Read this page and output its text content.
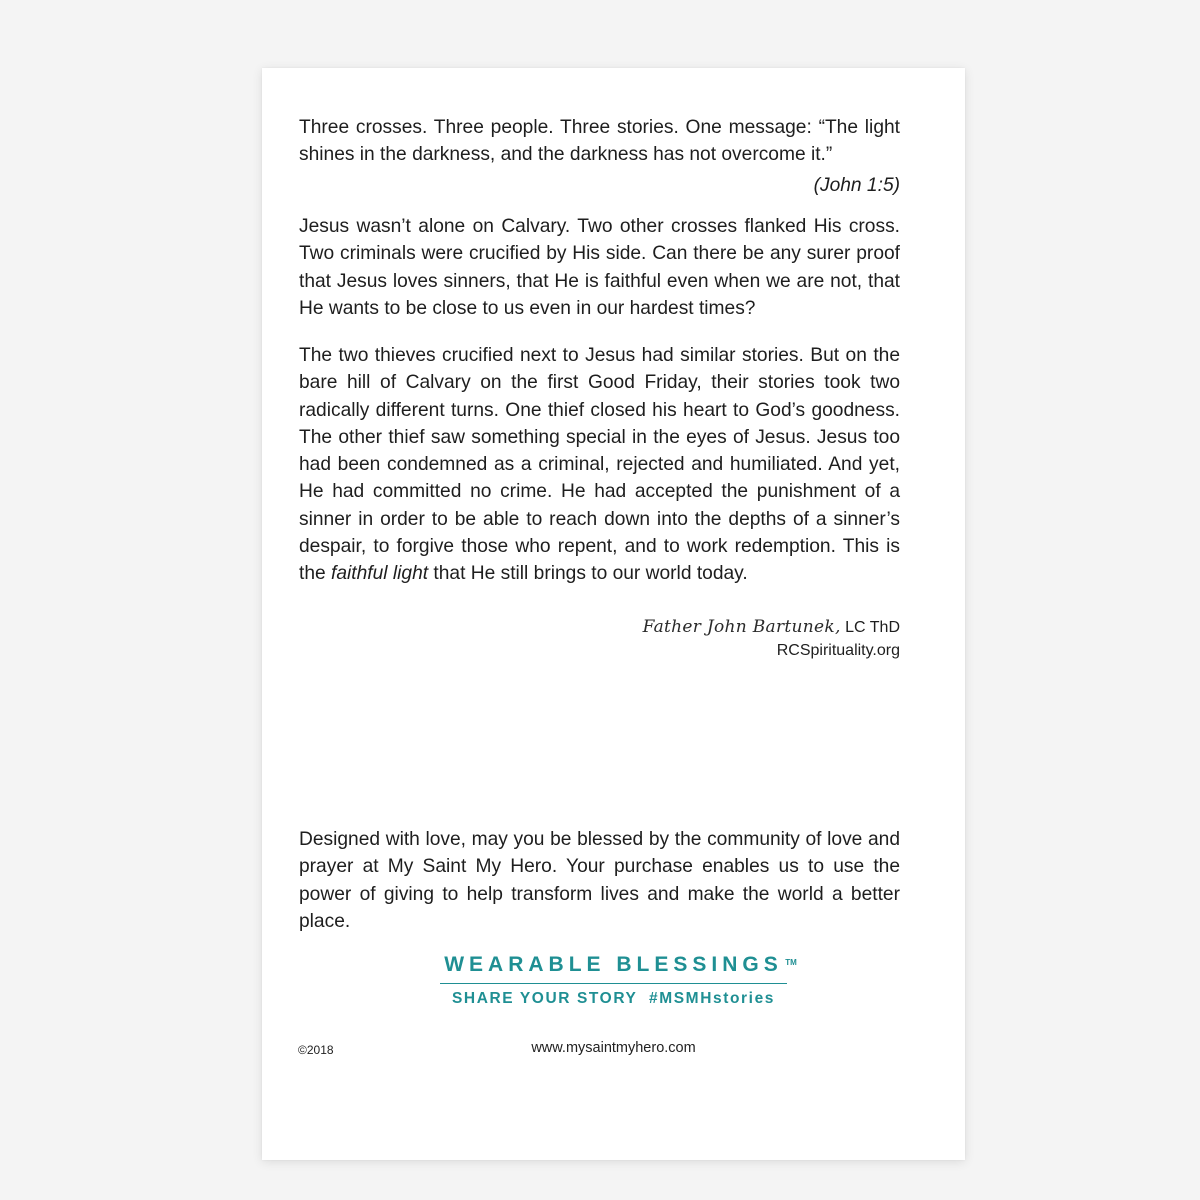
Three crosses. Three people. Three stories. One message: “The light shines in the darkness, and the darkness has not overcome it.”
(John 1:5)
Jesus wasn’t alone on Calvary. Two other crosses flanked His cross. Two criminals were crucified by His side. Can there be any surer proof that Jesus loves sinners, that He is faithful even when we are not, that He wants to be close to us even in our hardest times?
The two thieves crucified next to Jesus had similar stories. But on the bare hill of Calvary on the first Good Friday, their stories took two radically different turns. One thief closed his heart to God’s goodness. The other thief saw something special in the eyes of Jesus. Jesus too had been condemned as a criminal, rejected and humiliated. And yet, He had committed no crime. He had accepted the punishment of a sinner in order to be able to reach down into the depths of a sinner’s despair, to forgive those who repent, and to work redemption. This is the faithful light that He still brings to our world today.
Father John Bartunek, LC ThD
RCSpirituality.org
Designed with love, may you be blessed by the community of love and prayer at My Saint My Hero. Your purchase enables us to use the power of giving to help transform lives and make the world a better place.
WEARABLE BLESSINGS TM
SHARE YOUR STORY  #MSMHstories
©2018	www.mysaintmyhero.com
